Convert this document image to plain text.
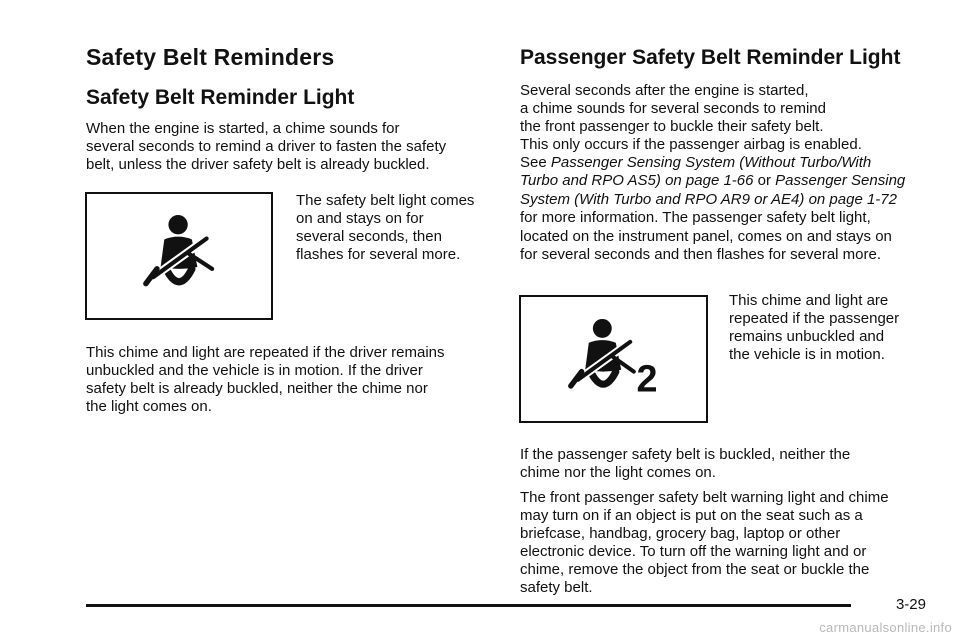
Safety Belt Reminders
Safety Belt Reminder Light
When the engine is started, a chime sounds for
several seconds to remind a driver to fasten the safety
belt, unless the driver safety belt is already buckled.
The safety belt light comes
on and stays on for
several seconds, then
flashes for several more.
This chime and light are repeated if the driver remains
unbuckled and the vehicle is in motion. If the driver
safety belt is already buckled, neither the chime nor
the light comes on.
Passenger Safety Belt Reminder Light
Several seconds after the engine is started,
a chime sounds for several seconds to remind
the front passenger to buckle their safety belt.
This only occurs if the passenger airbag is enabled.

See Passenger Sensing System (Without Turbo/With Turbo and RPO AS5) on page 1-66 or Passenger Sensing System (With Turbo and RPO AR9 or AE4) on page 1-72 for more information. The passenger safety belt light, located on the instrument panel, comes on and stays on for several seconds and then flashes for several more.

2
This chime and light are
repeated if the passenger
remains unbuckled and
the vehicle is in motion.
If the passenger safety belt is buckled, neither the
chime nor the light comes on.
The front passenger safety belt warning light and chime
may turn on if an object is put on the seat such as a
briefcase, handbag, grocery bag, laptop or other
electronic device. To turn off the warning light and or
chime, remove the object from the seat or buckle the
safety belt.
3-29
carmanualsonline.info
